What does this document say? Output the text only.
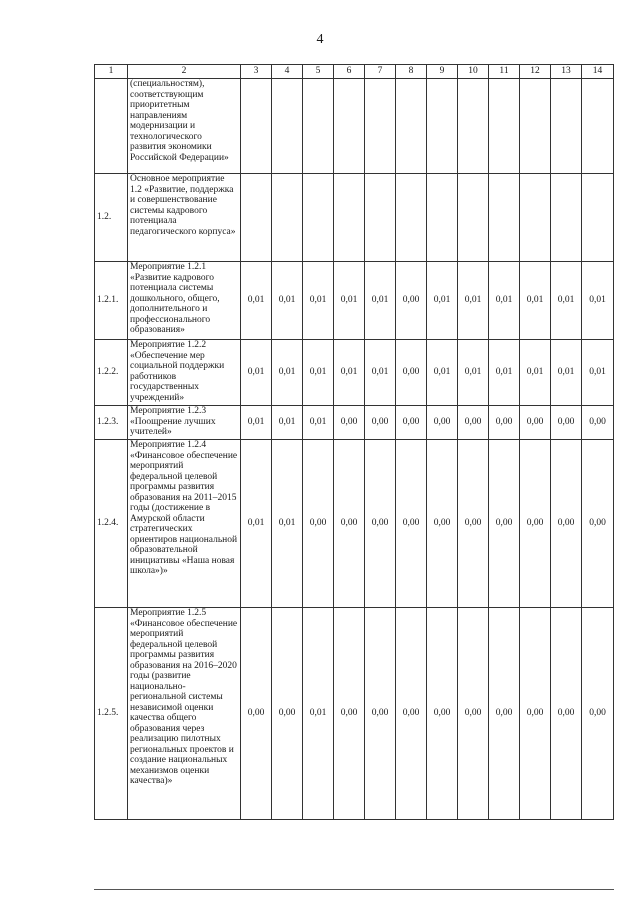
4
1	2	3	4	5	6	7	8	9	10	11	12	13	14
	(специальностям), соответствующим приоритетным направлениям модернизации и технологического развития экономики Российской Федерации»												
1.2.	Основное мероприятие 1.2 «Развитие, поддержка и совершенствование системы кадрового потенциала педагогического корпуса»												
1.2.1.	Мероприятие 1.2.1 «Развитие кадрового потенциала системы дошкольного, общего, дополнительного и профессионального образования»	0,01	0,01	0,01	0,01	0,01	0,00	0,01	0,01	0,01	0,01	0,01	0,01
1.2.2.	Мероприятие 1.2.2 «Обеспечение мер социальной поддержки работников государственных учреждений»	0,01	0,01	0,01	0,01	0,01	0,00	0,01	0,01	0,01	0,01	0,01	0,01
1.2.3.	Мероприятие 1.2.3 «Поощрение лучших учителей»	0,01	0,01	0,01	0,00	0,00	0,00	0,00	0,00	0,00	0,00	0,00	0,00
1.2.4.	Мероприятие 1.2.4 «Финансовое обеспечение мероприятий федеральной целевой программы развития образования на 2011–2015 годы (достижение в Амурской области стратегических ориентиров национальной образовательной инициативы «Наша новая школа»)»	0,01	0,01	0,00	0,00	0,00	0,00	0,00	0,00	0,00	0,00	0,00	0,00
1.2.5.	Мероприятие 1.2.5 «Финансовое обеспечение мероприятий федеральной целевой программы развития образования на 2016–2020 годы (развитие национально-региональной системы независимой оценки качества общего образования через реализацию пилотных региональных проектов и создание национальных механизмов оценки качества)»	0,00	0,00	0,01	0,00	0,00	0,00	0,00	0,00	0,00	0,00	0,00	0,00
